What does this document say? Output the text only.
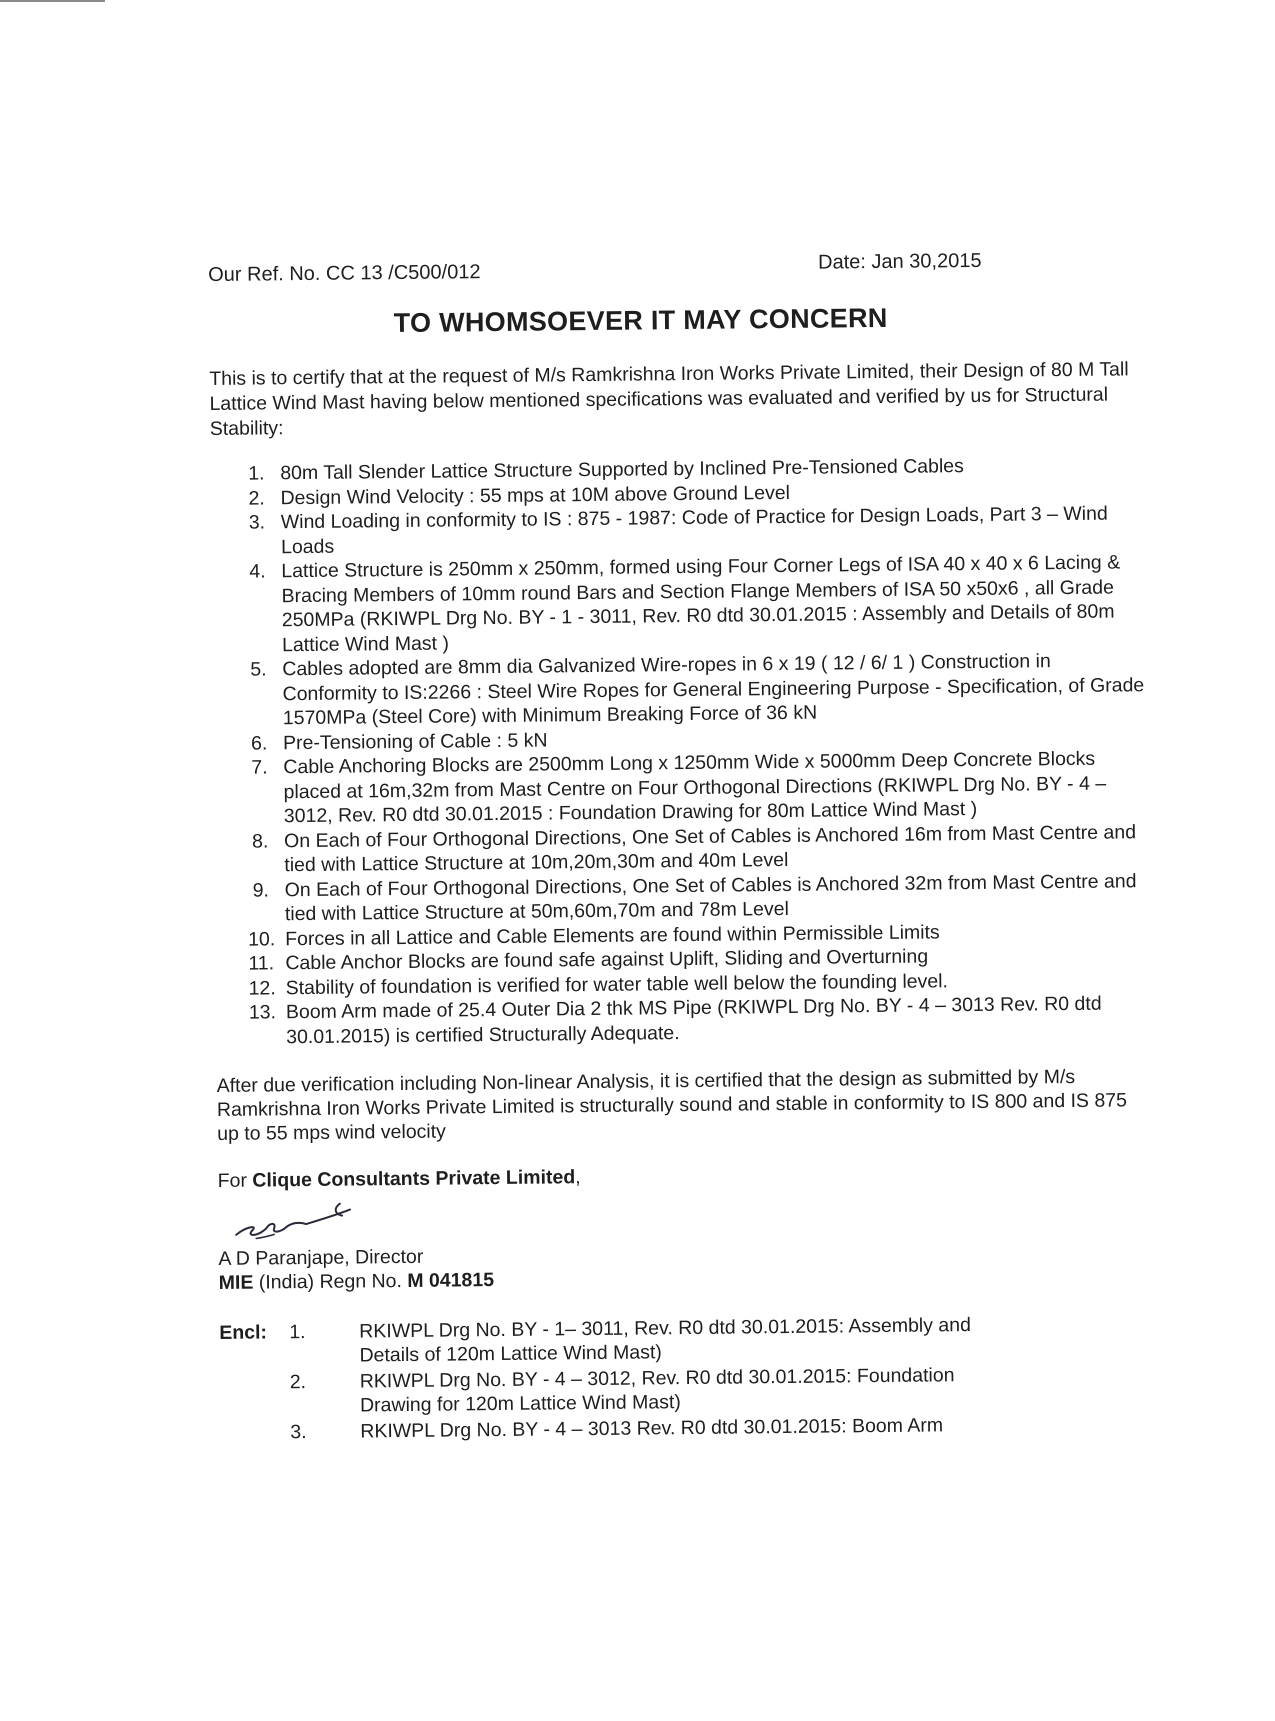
Our Ref. No. CC 13 /C500/012	Date: Jan 30,2015
TO WHOMSOEVER IT MAY CONCERN

This is to certify that at the request of M/s Ramkrishna Iron Works Private Limited, their Design of 80 M Tall Lattice Wind Mast having below mentioned specifications was evaluated and verified by us for Structural Stability:

1. 80m Tall Slender Lattice Structure Supported by Inclined Pre-Tensioned Cables
2. Design Wind Velocity : 55 mps at 10M above Ground Level
3. Wind Loading in conformity to IS : 875 - 1987: Code of Practice for Design Loads, Part 3 – Wind Loads
4. Lattice Structure is 250mm x 250mm, formed using Four Corner Legs of ISA 40 x 40 x 6 Lacing & Bracing Members of 10mm round Bars and Section Flange Members of ISA 50 x50x6 , all Grade 250MPa (RKIWPL Drg No. BY - 1 - 3011, Rev. R0 dtd 30.01.2015 : Assembly and Details of 80m Lattice Wind Mast )
5. Cables adopted are 8mm dia Galvanized Wire-ropes in 6 x 19 ( 12 / 6/ 1 ) Construction in Conformity to IS:2266 : Steel Wire Ropes for General Engineering Purpose - Specification, of Grade 1570MPa (Steel Core) with Minimum Breaking Force of 36 kN
6. Pre-Tensioning of Cable : 5 kN
7. Cable Anchoring Blocks are 2500mm Long x 1250mm Wide x 5000mm Deep Concrete Blocks placed at 16m,32m from Mast Centre on Four Orthogonal Directions (RKIWPL Drg No. BY - 4 – 3012, Rev. R0 dtd 30.01.2015 : Foundation Drawing for 80m Lattice Wind Mast )
8. On Each of Four Orthogonal Directions, One Set of Cables is Anchored 16m from Mast Centre and tied with Lattice Structure at 10m,20m,30m and 40m Level
9. On Each of Four Orthogonal Directions, One Set of Cables is Anchored 32m from Mast Centre and tied with Lattice Structure at 50m,60m,70m and 78m Level
10. Forces in all Lattice and Cable Elements are found within Permissible Limits
11. Cable Anchor Blocks are found safe against Uplift, Sliding and Overturning
12. Stability of foundation is verified for water table well below the founding level.
13. Boom Arm made of 25.4 Outer Dia 2 thk MS Pipe (RKIWPL Drg No. BY - 4 – 3013 Rev. R0 dtd 30.01.2015) is certified Structurally Adequate.

After due verification including Non-linear Analysis, it is certified that the design as submitted by M/s Ramkrishna Iron Works Private Limited is structurally sound and stable in conformity to IS 800 and IS 875 up to 55 mps wind velocity

For Clique Consultants Private Limited,
A D Paranjape, Director
MIE (India) Regn No. M 041815
Encl: 1.	RKIWPL Drg No. BY - 1– 3011, Rev. R0 dtd 30.01.2015: Assembly and Details of 120m Lattice Wind Mast)
2.	RKIWPL Drg No. BY - 4 – 3012, Rev. R0 dtd 30.01.2015: Foundation Drawing for 120m Lattice Wind Mast)
3.	RKIWPL Drg No. BY - 4 – 3013 Rev. R0 dtd 30.01.2015: Boom Arm
